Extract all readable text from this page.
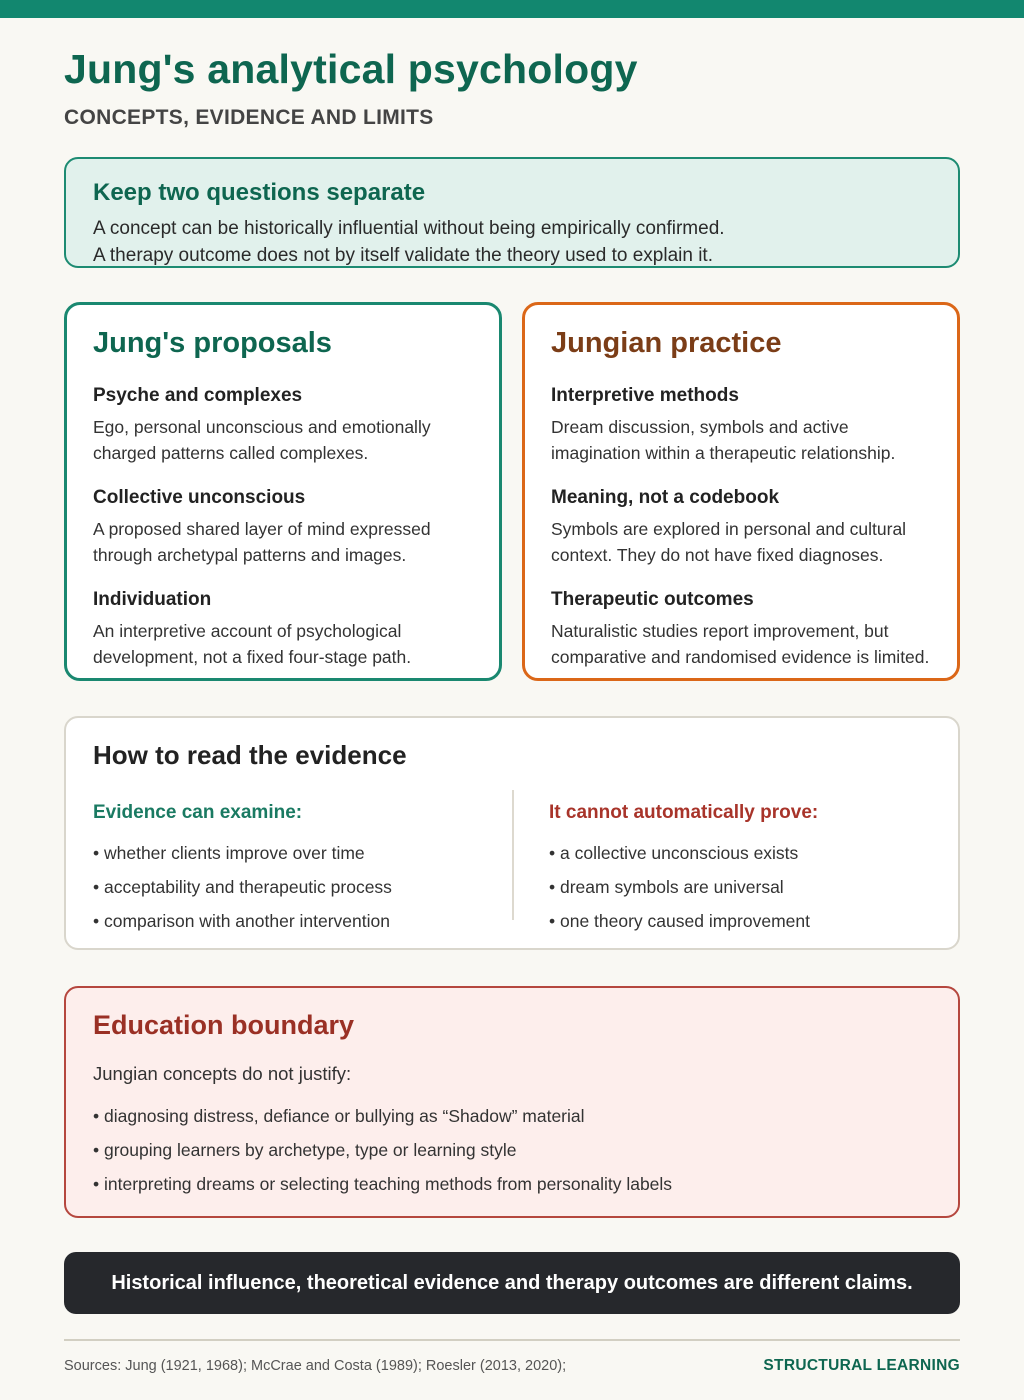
Jung's analytical psychology
CONCEPTS, EVIDENCE AND LIMITS
Keep two questions separate
A concept can be historically influential without being empirically confirmed.
A therapy outcome does not by itself validate the theory used to explain it.
Jung's proposals
Psyche and complexes
Ego, personal unconscious and emotionally charged patterns called complexes.
Collective unconscious
A proposed shared layer of mind expressed through archetypal patterns and images.
Individuation
An interpretive account of psychological development, not a fixed four-stage path.
Jungian practice
Interpretive methods
Dream discussion, symbols and active imagination within a therapeutic relationship.
Meaning, not a codebook
Symbols are explored in personal and cultural context. They do not have fixed diagnoses.
Therapeutic outcomes
Naturalistic studies report improvement, but comparative and randomised evidence is limited.
How to read the evidence
Evidence can examine:
• whether clients improve over time
• acceptability and therapeutic process
• comparison with another intervention
It cannot automatically prove:
• a collective unconscious exists
• dream symbols are universal
• one theory caused improvement
Education boundary
Jungian concepts do not justify:
• diagnosing distress, defiance or bullying as “Shadow” material
• grouping learners by archetype, type or learning style
• interpreting dreams or selecting teaching methods from personality labels
Historical influence, theoretical evidence and therapy outcomes are different claims.
Sources: Jung (1921, 1968); McCrae and Costa (1989); Roesler (2013, 2020);	STRUCTURAL LEARNING
